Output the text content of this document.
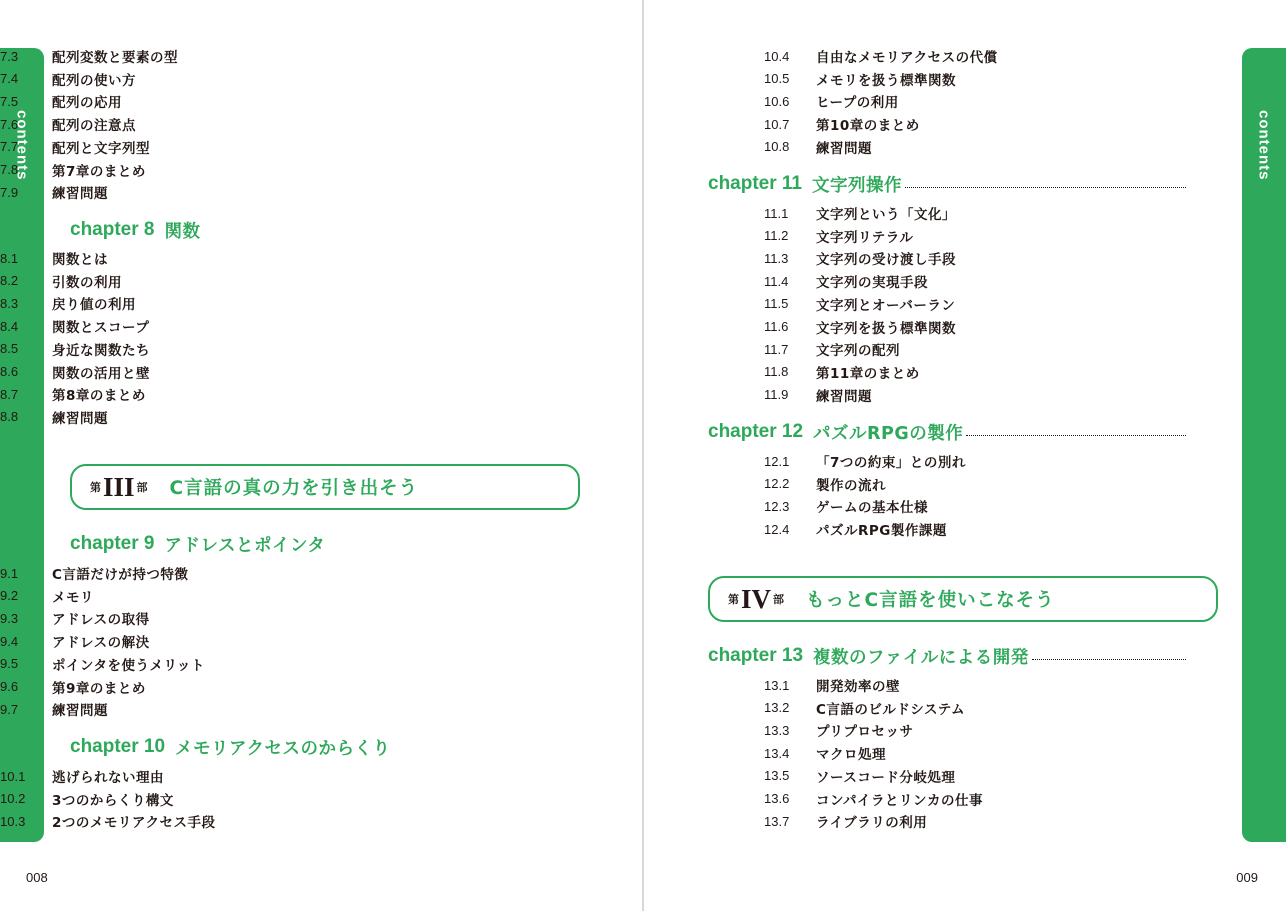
contents
008
contents
009
7.3	配列変数と要素の型
7.4	配列の使い方
7.5	配列の応用
7.6	配列の注意点
7.7	配列と文字列型
7.8	第7章のまとめ
7.9	練習問題
chapter 8 関数
8.1	関数とは
8.2	引数の利用
8.3	戻り値の利用
8.4	関数とスコープ
8.5	身近な関数たち
8.6	関数の活用と壁
8.7	第8章のまとめ
8.8	練習問題
第 III 部 C言語の真の力を引き出そう
chapter 9 アドレスとポインタ
9.1	C言語だけが持つ特徴
9.2	メモリ
9.3	アドレスの取得
9.4	アドレスの解決
9.5	ポインタを使うメリット
9.6	第9章のまとめ
9.7	練習問題
chapter 10 メモリアクセスのからくり
10.1	逃げられない理由
10.2	3つのからくり構文
10.3	2つのメモリアクセス手段
10.4	自由なメモリアクセスの代償
10.5	メモリを扱う標準関数
10.6	ヒープの利用
10.7	第10章のまとめ
10.8	練習問題
chapter 11 文字列操作
11.1	文字列という「文化」
11.2	文字列リテラル
11.3	文字列の受け渡し手段
11.4	文字列の実現手段
11.5	文字列とオーバーラン
11.6	文字列を扱う標準関数
11.7	文字列の配列
11.8	第11章のまとめ
11.9	練習問題
chapter 12 パズルRPGの製作
12.1	「7つの約束」との別れ
12.2	製作の流れ
12.3	ゲームの基本仕様
12.4	パズルRPG製作課題
第 IV 部 もっとC言語を使いこなそう
chapter 13 複数のファイルによる開発
13.1	開発効率の壁
13.2	C言語のビルドシステム
13.3	プリプロセッサ
13.4	マクロ処理
13.5	ソースコード分岐処理
13.6	コンパイラとリンカの仕事
13.7	ライブラリの利用
